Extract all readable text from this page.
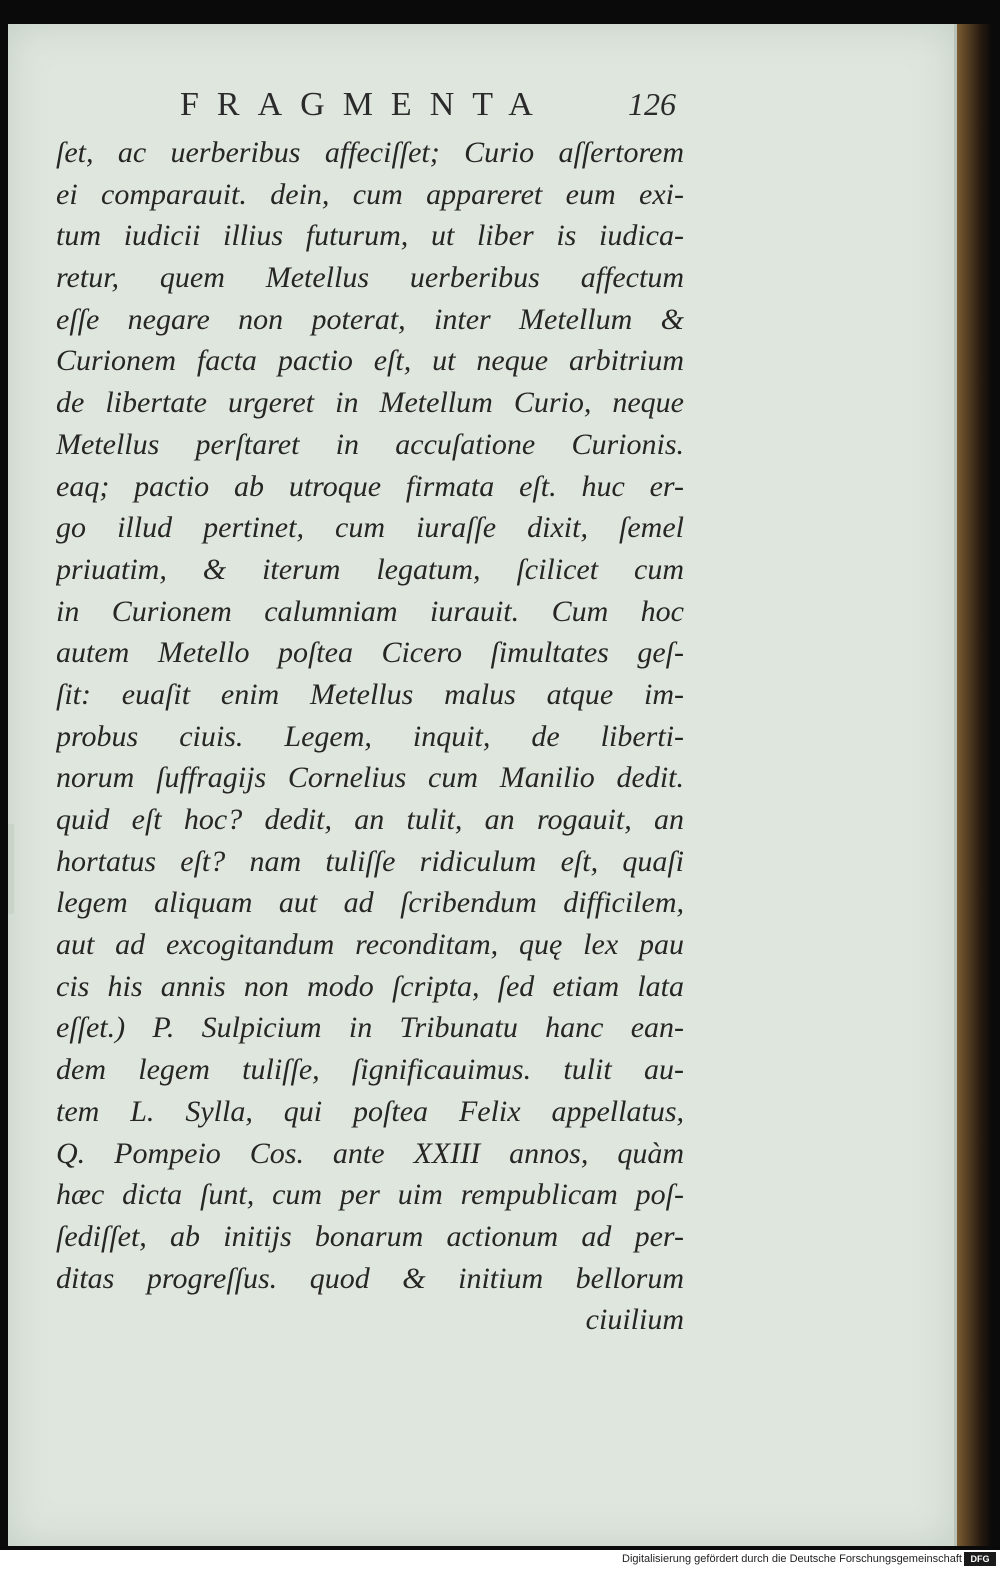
FRAGMENTA	126
ſet, ac uerberibus affeciſſet; Curio aſſertorem
ei comparauit. dein, cum appareret eum exi-
tum iudicii illius futurum, ut liber is iudica-
retur, quem Metellus uerberibus affectum
eſſe negare non poterat, inter Metellum &
Curionem facta pactio eſt, ut neque arbitrium
de libertate urgeret in Metellum Curio, neque
Metellus perſtaret in accuſatione Curionis.
eaq; pactio ab utroque firmata eſt. huc er-
go illud pertinet, cum iuraſſe dixit, ſemel
priuatim, & iterum legatum, ſcilicet cum
in Curionem calumniam iurauit. Cum hoc
autem Metello poſtea Cicero ſimultates geſ-
ſit: euaſit enim Metellus malus atque im-
probus ciuis. Legem, inquit, de liberti-
norum ſuffragijs Cornelius cum Manilio dedit.
quid eſt hoc? dedit, an tulit, an rogauit, an
hortatus eſt? nam tuliſſe ridiculum eſt, quaſi
legem aliquam aut ad ſcribendum difficilem,
aut ad excogitandum reconditam, quę lex pau
cis his annis non modo ſcripta, ſed etiam lata
eſſet.) P. Sulpicium in Tribunatu hanc ean-
dem legem tuliſſe, ſignificauimus. tulit au-
tem L. Sylla, qui poſtea Felix appellatus,
Q. Pompeio Cos. ante XXIII annos, quàm
hæc dicta ſunt, cum per uim rempublicam poſ-
ſediſſet, ab initijs bonarum actionum ad per-
ditas progreſſus. quod & initium bellorum
ciuilium
Digitalisierung gefördert durch die Deutsche Forschungsgemeinschaft DFG
